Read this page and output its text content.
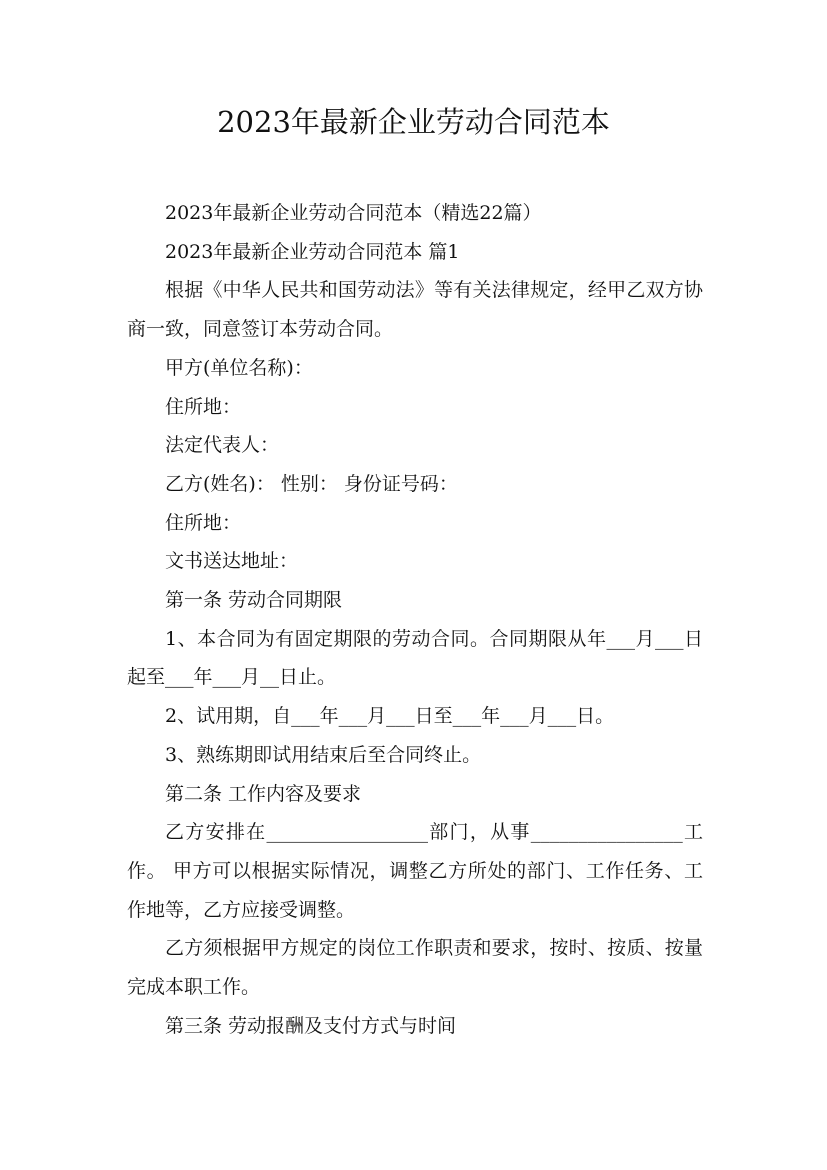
2023年最新企业劳动合同范本

2023年最新企业劳动合同范本（精选22篇）

2023年最新企业劳动合同范本 篇1

根据《中华人民共和国劳动法》等有关法律规定，经甲乙双方协商一致，同意签订本劳动合同。

甲方(单位名称)：

住所地：

法定代表人：

乙方(姓名)： 性别： 身份证号码：

住所地：

文书送达地址：

第一条 劳动合同期限

1、本合同为有固定期限的劳动合同。合同期限从年___月___日起至___年___月__日止。

2、试用期，自___年___月___日至___年___月___日。

3、熟练期即试用结束后至合同终止。

第二条 工作内容及要求

乙方安排在_________________部门，从事________________工作。 甲方可以根据实际情况，调整乙方所处的部门、工作任务、工作地等，乙方应接受调整。

乙方须根据甲方规定的岗位工作职责和要求，按时、按质、按量完成本职工作。

第三条 劳动报酬及支付方式与时间
